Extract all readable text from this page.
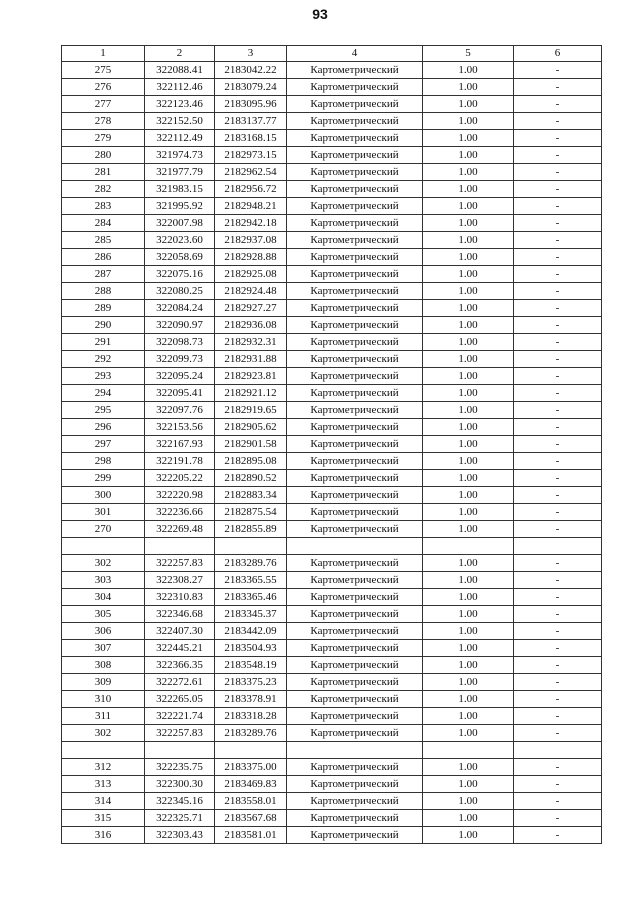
93
1	2	3	4	5	6
275	322088.41	2183042.22	Картометрический	1.00	-
276	322112.46	2183079.24	Картометрический	1.00	-
277	322123.46	2183095.96	Картометрический	1.00	-
278	322152.50	2183137.77	Картометрический	1.00	-
279	322112.49	2183168.15	Картометрический	1.00	-
280	321974.73	2182973.15	Картометрический	1.00	-
281	321977.79	2182962.54	Картометрический	1.00	-
282	321983.15	2182956.72	Картометрический	1.00	-
283	321995.92	2182948.21	Картометрический	1.00	-
284	322007.98	2182942.18	Картометрический	1.00	-
285	322023.60	2182937.08	Картометрический	1.00	-
286	322058.69	2182928.88	Картометрический	1.00	-
287	322075.16	2182925.08	Картометрический	1.00	-
288	322080.25	2182924.48	Картометрический	1.00	-
289	322084.24	2182927.27	Картометрический	1.00	-
290	322090.97	2182936.08	Картометрический	1.00	-
291	322098.73	2182932.31	Картометрический	1.00	-
292	322099.73	2182931.88	Картометрический	1.00	-
293	322095.24	2182923.81	Картометрический	1.00	-
294	322095.41	2182921.12	Картометрический	1.00	-
295	322097.76	2182919.65	Картометрический	1.00	-
296	322153.56	2182905.62	Картометрический	1.00	-
297	322167.93	2182901.58	Картометрический	1.00	-
298	322191.78	2182895.08	Картометрический	1.00	-
299	322205.22	2182890.52	Картометрический	1.00	-
300	322220.98	2182883.34	Картометрический	1.00	-
301	322236.66	2182875.54	Картометрический	1.00	-
270	322269.48	2182855.89	Картометрический	1.00	-

302	322257.83	2183289.76	Картометрический	1.00	-
303	322308.27	2183365.55	Картометрический	1.00	-
304	322310.83	2183365.46	Картометрический	1.00	-
305	322346.68	2183345.37	Картометрический	1.00	-
306	322407.30	2183442.09	Картометрический	1.00	-
307	322445.21	2183504.93	Картометрический	1.00	-
308	322366.35	2183548.19	Картометрический	1.00	-
309	322272.61	2183375.23	Картометрический	1.00	-
310	322265.05	2183378.91	Картометрический	1.00	-
311	322221.74	2183318.28	Картометрический	1.00	-
302	322257.83	2183289.76	Картометрический	1.00	-

312	322235.75	2183375.00	Картометрический	1.00	-
313	322300.30	2183469.83	Картометрический	1.00	-
314	322345.16	2183558.01	Картометрический	1.00	-
315	322325.71	2183567.68	Картометрический	1.00	-
316	322303.43	2183581.01	Картометрический	1.00	-
